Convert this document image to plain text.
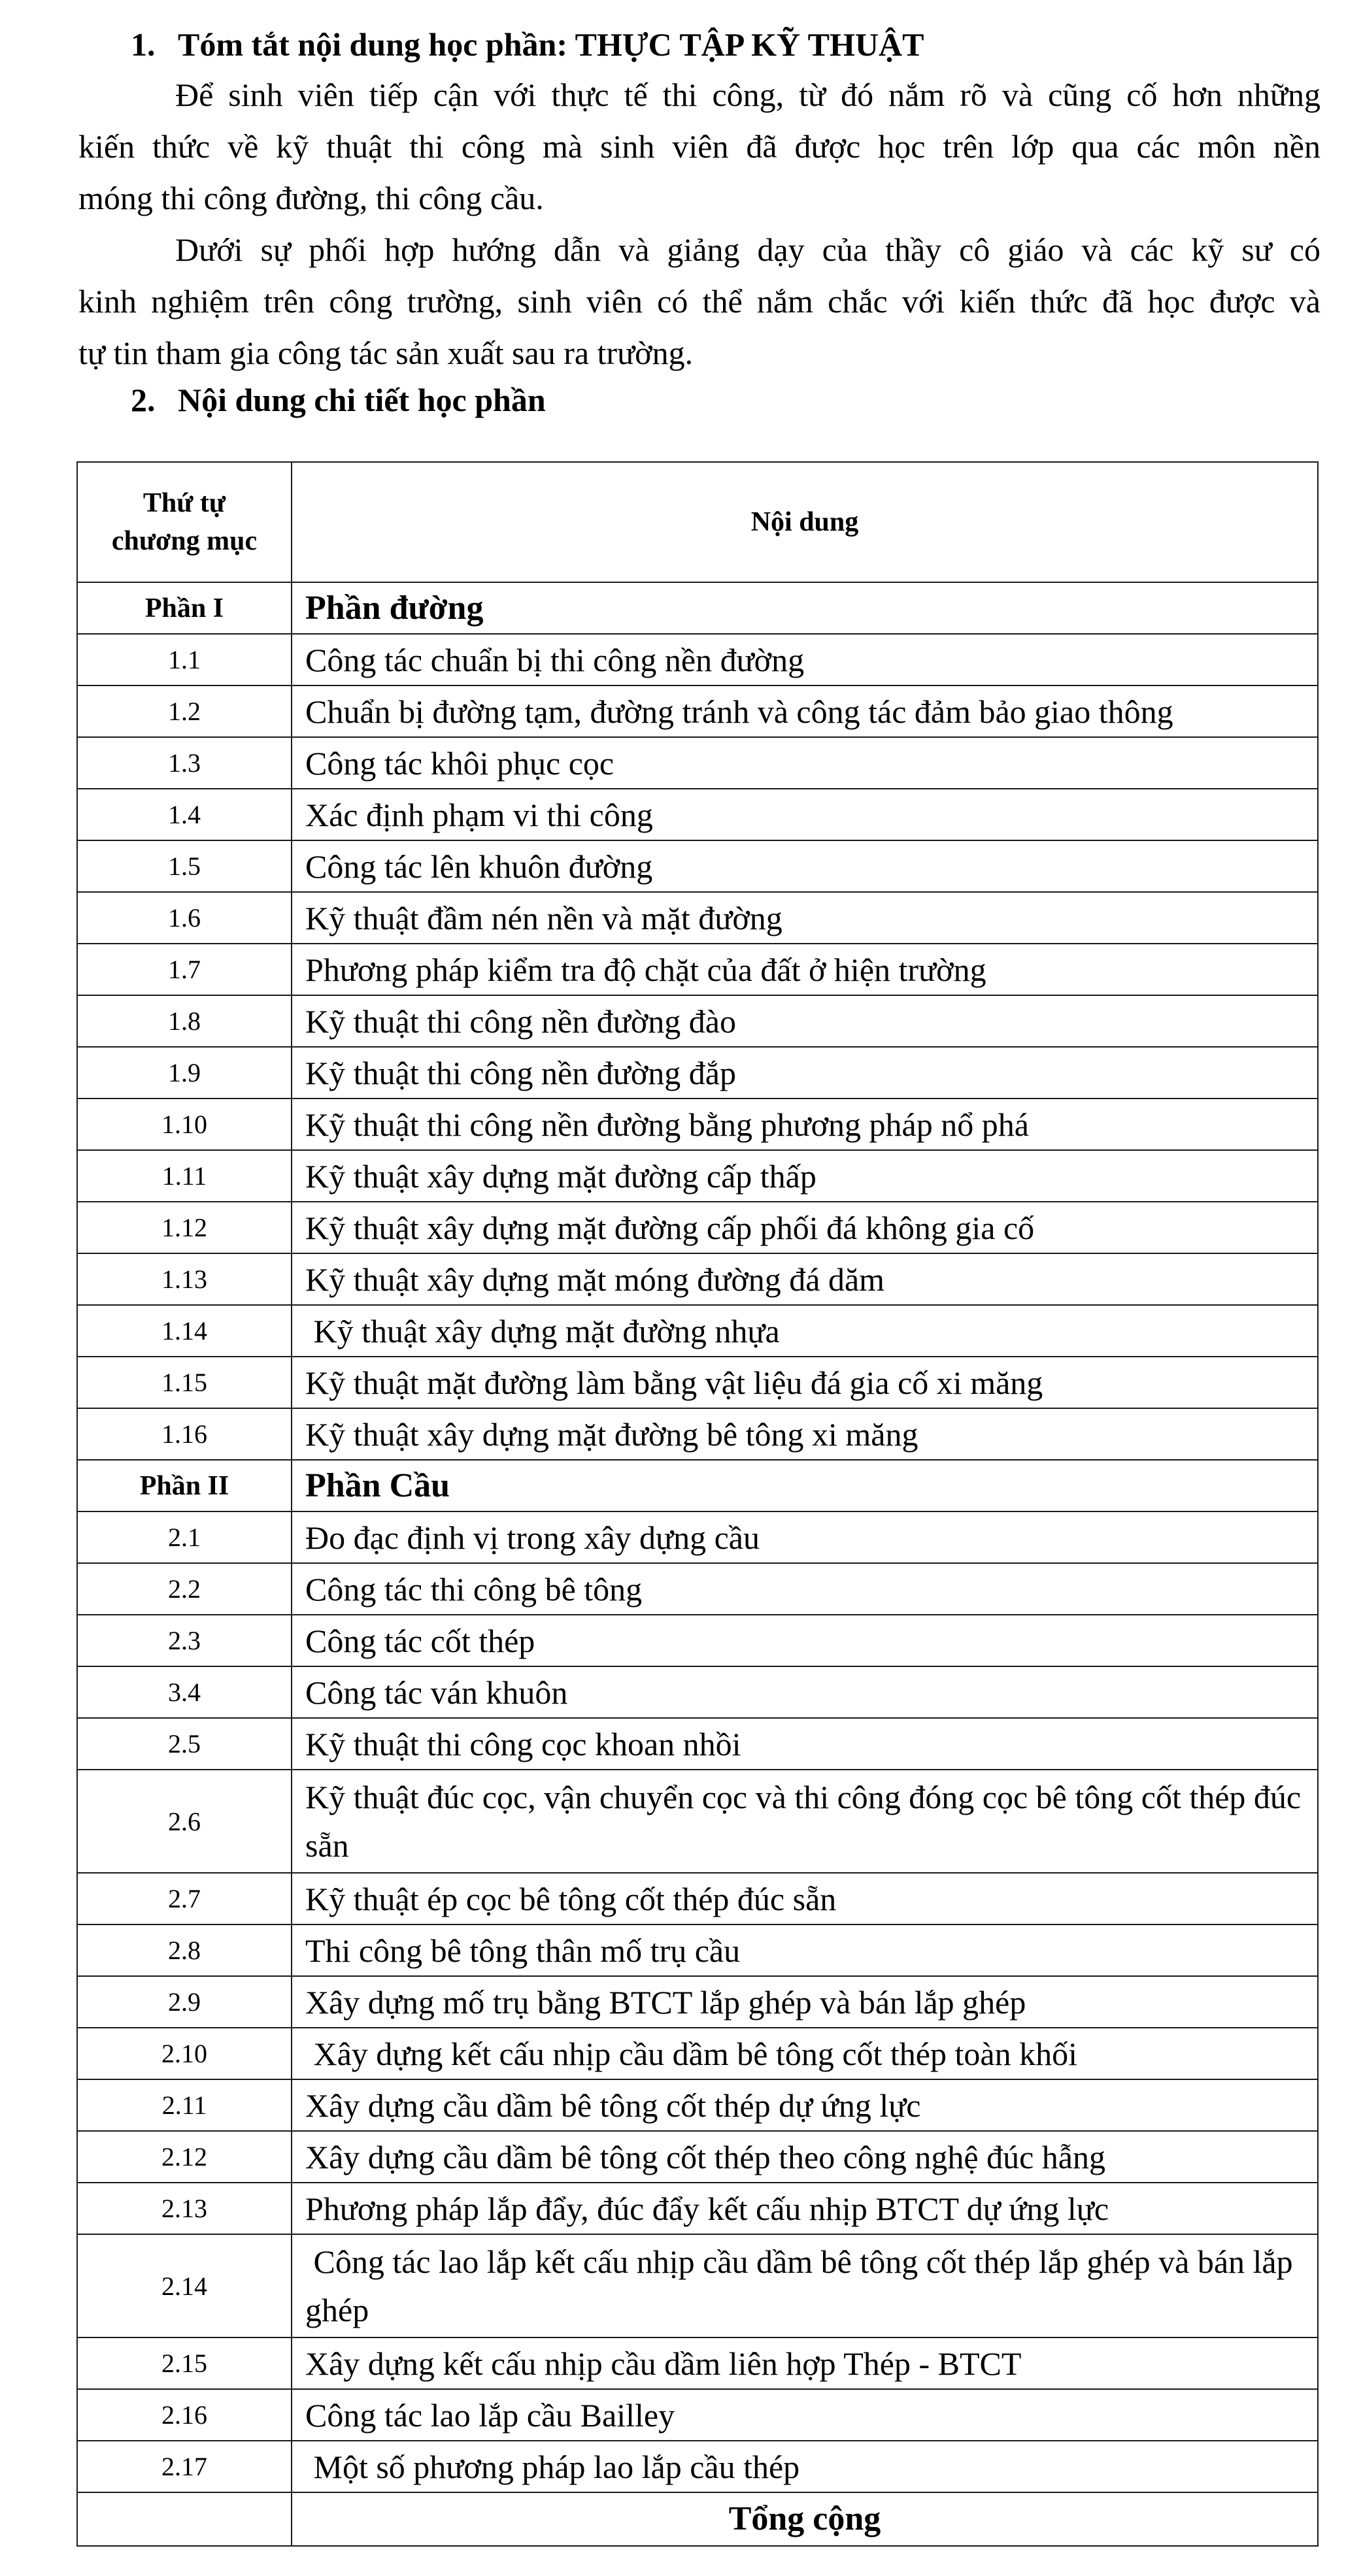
1. Tóm tắt nội dung học phần: THỰC TẬP KỸ THUẬT
Để sinh viên tiếp cận với thực tế thi công, từ đó nắm rõ và cũng cố hơn những
kiến thức về kỹ thuật thi công mà sinh viên đã được học trên lớp qua các môn nền
móng thi công đường, thi công cầu.
Dưới sự phối hợp hướng dẫn và giảng dạy của thầy cô giáo và các kỹ sư có
kinh nghiệm trên công trường, sinh viên có thể nắm chắc với kiến thức đã học được và
tự tin tham gia công tác sản xuất sau ra trường.
2. Nội dung chi tiết học phần
Thứ tự
chương mục	Nội dung
Phần I	Phần đường
1.1	Công tác chuẩn bị thi công nền đường
1.2	Chuẩn bị đường tạm, đường tránh và công tác đảm bảo giao thông
1.3	Công tác khôi phục cọc
1.4	Xác định phạm vi thi công
1.5	Công tác lên khuôn đường
1.6	Kỹ thuật đầm nén nền và mặt đường
1.7	Phương pháp kiểm tra độ chặt của đất ở hiện trường
1.8	Kỹ thuật thi công nền đường đào
1.9	Kỹ thuật thi công nền đường đắp
1.10	Kỹ thuật thi công nền đường bằng phương pháp nổ phá
1.11	Kỹ thuật xây dựng mặt đường cấp thấp
1.12	Kỹ thuật xây dựng mặt đường cấp phối đá không gia cố
1.13	Kỹ thuật xây dựng mặt móng đường đá dăm
1.14	Kỹ thuật xây dựng mặt đường nhựa
1.15	Kỹ thuật mặt đường làm bằng vật liệu đá gia cố xi măng
1.16	Kỹ thuật xây dựng mặt đường bê tông xi măng
Phần II	Phần Cầu
2.1	Đo đạc định vị trong xây dựng cầu
2.2	Công tác thi công bê tông
2.3	Công tác cốt thép
3.4	Công tác ván khuôn
2.5	Kỹ thuật thi công cọc khoan nhồi
2.6	Kỹ thuật đúc cọc, vận chuyển cọc và thi công đóng cọc bê tông cốt thép đúc sẵn
2.7	Kỹ thuật ép cọc bê tông cốt thép đúc sẵn
2.8	Thi công bê tông thân mố trụ cầu
2.9	Xây dựng mố trụ bằng BTCT lắp ghép và bán lắp ghép
2.10	Xây dựng kết cấu nhịp cầu dầm bê tông cốt thép toàn khối
2.11	Xây dựng cầu dầm bê tông cốt thép dự ứng lực
2.12	Xây dựng cầu dầm bê tông cốt thép theo công nghệ đúc hẫng
2.13	Phương pháp lắp đẩy, đúc đẩy kết cấu nhịp BTCT dự ứng lực
2.14	Công tác lao lắp kết cấu nhịp cầu dầm bê tông cốt thép lắp ghép và bán lắp ghép
2.15	Xây dựng kết cấu nhịp cầu dầm liên hợp Thép - BTCT
2.16	Công tác lao lắp cầu Bailley
2.17	Một số phương pháp lao lắp cầu thép
	Tổng cộng
